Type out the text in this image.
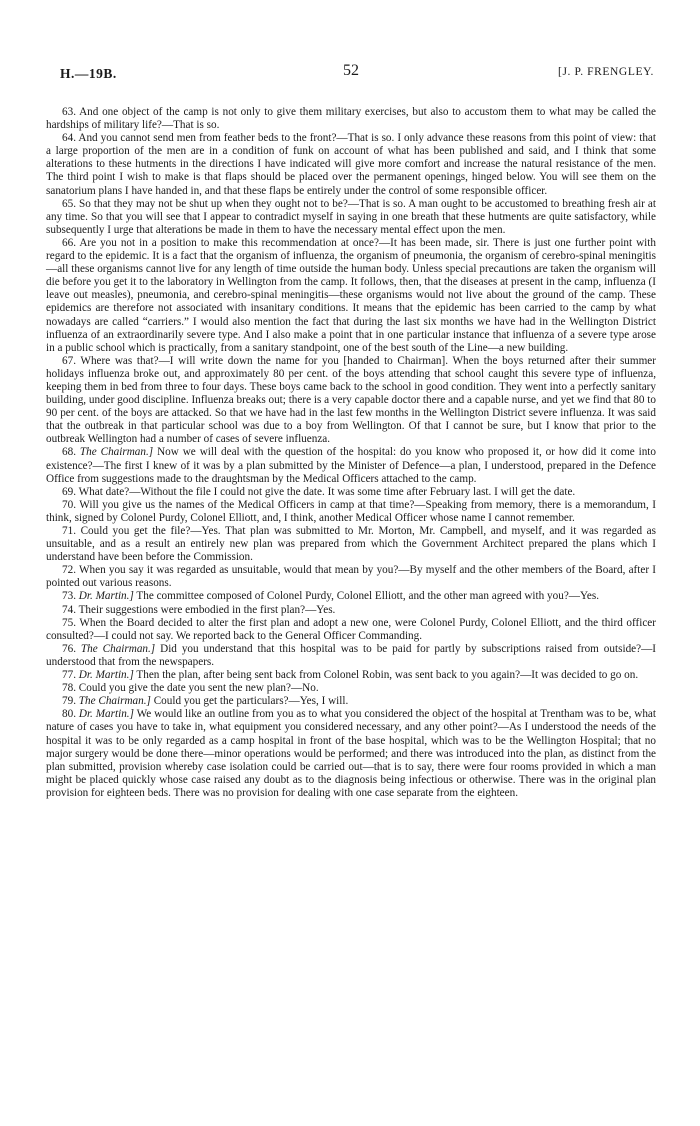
H.—19B.	52	[J. P. FRENGLEY.

63. And one object of the camp is not only to give them military exercises, but also to accustom them to what may be called the hardships of military life?—That is so.

64. And you cannot send men from feather beds to the front?—That is so. I only advance these reasons from this point of view: that a large proportion of the men are in a condition of funk on account of what has been published and said, and I think that some alterations to these hutments in the directions I have indicated will give more comfort and increase the natural resistance of the men. The third point I wish to make is that flaps should be placed over the permanent openings, hinged below. You will see them on the sanatorium plans I have handed in, and that these flaps be entirely under the control of some responsible officer.

65. So that they may not be shut up when they ought not to be?—That is so. A man ought to be accustomed to breathing fresh air at any time. So that you will see that I appear to contradict myself in saying in one breath that these hutments are quite satisfactory, while subsequently I urge that alterations be made in them to have the necessary mental effect upon the men.

66. Are you not in a position to make this recommendation at once?—It has been made, sir. There is just one further point with regard to the epidemic. It is a fact that the organism of influenza, the organism of pneumonia, the organism of cerebro-spinal meningitis—all these organisms cannot live for any length of time outside the human body. Unless special precautions are taken the organism will die before you get it to the laboratory in Wellington from the camp. It follows, then, that the diseases at present in the camp, influenza (I leave out measles), pneumonia, and cerebro-spinal meningitis—these organisms would not live about the ground of the camp. These epidemics are therefore not associated with insanitary conditions. It means that the epidemic has been carried to the camp by what nowadays are called “carriers.” I would also mention the fact that during the last six months we have had in the Wellington District influenza of an extraordinarily severe type. And I also make a point that in one particular instance that influenza of a severe type arose in a public school which is practically, from a sanitary standpoint, one of the best south of the Line—a new building.

67. Where was that?—I will write down the name for you [handed to Chairman]. When the boys returned after their summer holidays influenza broke out, and approximately 80 per cent. of the boys attending that school caught this severe type of influenza, keeping them in bed from three to four days. These boys came back to the school in good condition. They went into a perfectly sanitary building, under good discipline. Influenza breaks out; there is a very capable doctor there and a capable nurse, and yet we find that 80 to 90 per cent. of the boys are attacked. So that we have had in the last few months in the Wellington District severe influenza. It was said that the outbreak in that particular school was due to a boy from Wellington. Of that I cannot be sure, but I know that prior to the outbreak Wellington had a number of cases of severe influenza.

68. The Chairman.] Now we will deal with the question of the hospital: do you know who proposed it, or how did it come into existence?—The first I knew of it was by a plan submitted by the Minister of Defence—a plan, I understood, prepared in the Defence Office from suggestions made to the draughtsman by the Medical Officers attached to the camp.

69. What date?—Without the file I could not give the date. It was some time after February last. I will get the date.

70. Will you give us the names of the Medical Officers in camp at that time?—Speaking from memory, there is a memorandum, I think, signed by Colonel Purdy, Colonel Elliott, and, I think, another Medical Officer whose name I cannot remember.

71. Could you get the file?—Yes. That plan was submitted to Mr. Morton, Mr. Campbell, and myself, and it was regarded as unsuitable, and as a result an entirely new plan was prepared from which the Government Architect prepared the plans which I understand have been before the Commission.

72. When you say it was regarded as unsuitable, would that mean by you?—By myself and the other members of the Board, after I pointed out various reasons.

73. Dr. Martin.] The committee composed of Colonel Purdy, Colonel Elliott, and the other man agreed with you?—Yes.

74. Their suggestions were embodied in the first plan?—Yes.

75. When the Board decided to alter the first plan and adopt a new one, were Colonel Purdy, Colonel Elliott, and the third officer consulted?—I could not say. We reported back to the General Officer Commanding.

76. The Chairman.] Did you understand that this hospital was to be paid for partly by subscriptions raised from outside?—I understood that from the newspapers.

77. Dr. Martin.] Then the plan, after being sent back from Colonel Robin, was sent back to you again?—It was decided to go on.

78. Could you give the date you sent the new plan?—No.

79. The Chairman.] Could you get the particulars?—Yes, I will.

80. Dr. Martin.] We would like an outline from you as to what you considered the object of the hospital at Trentham was to be, what nature of cases you have to take in, what equipment you considered necessary, and any other point?—As I understood the needs of the hospital it was to be only regarded as a camp hospital in front of the base hospital, which was to be the Wellington Hospital; that no major surgery would be done there—minor operations would be performed; and there was introduced into the plan, as distinct from the plan submitted, provision whereby case isolation could be carried out—that is to say, there were four rooms provided in which a man might be placed quickly whose case raised any doubt as to the diagnosis being infectious or otherwise. There was in the original plan provision for eighteen beds. There was no provision for dealing with one case separate from the eighteen.
